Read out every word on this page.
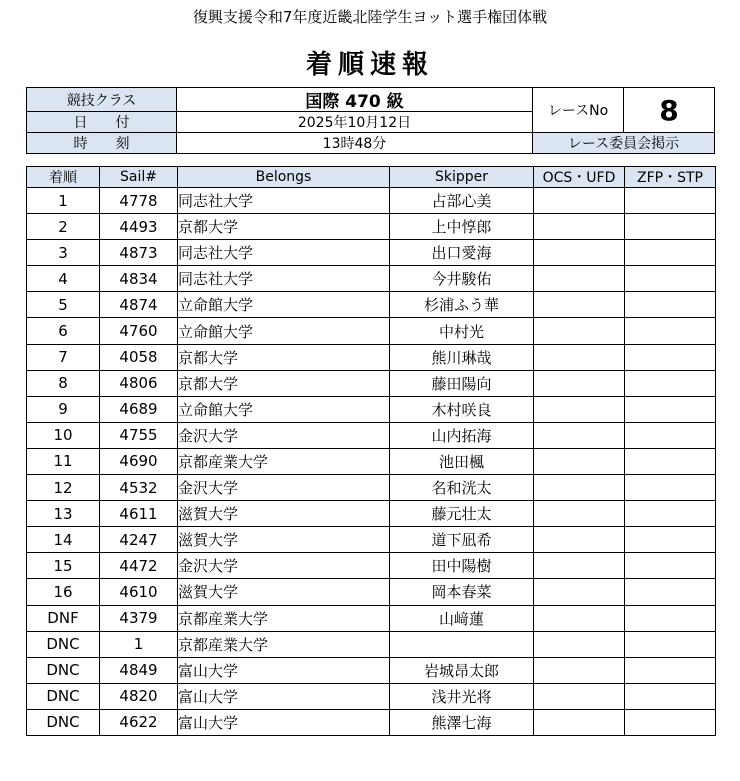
復興支援令和7年度近畿北陸学生ヨット選手権団体戦
着順速報
競技クラス	国際 470 級
日　　付	2025年10月12日
時　　刻	13時48分
レースNo	8
レース委員会掲示
着順	Sail#	Belongs	Skipper	OCS・UFD	ZFP・STP
1	4778	同志社大学	占部心美		
2	4493	京都大学	上中惇郎		
3	4873	同志社大学	出口愛海		
4	4834	同志社大学	今井駿佑		
5	4874	立命館大学	杉浦ふう華		
6	4760	立命館大学	中村光		
7	4058	京都大学	熊川琳哉		
8	4806	京都大学	藤田陽向		
9	4689	立命館大学	木村咲良		
10	4755	金沢大学	山内拓海		
11	4690	京都産業大学	池田楓		
12	4532	金沢大学	名和洸太		
13	4611	滋賀大学	藤元壮太		
14	4247	滋賀大学	道下凪希		
15	4472	金沢大学	田中陽樹		
16	4610	滋賀大学	岡本春菜		
DNF	4379	京都産業大学	山﨑蓮		
DNC	1	京都産業大学			
DNC	4849	富山大学	岩城昂太郎		
DNC	4820	富山大学	浅井光将		
DNC	4622	富山大学	熊澤七海		
